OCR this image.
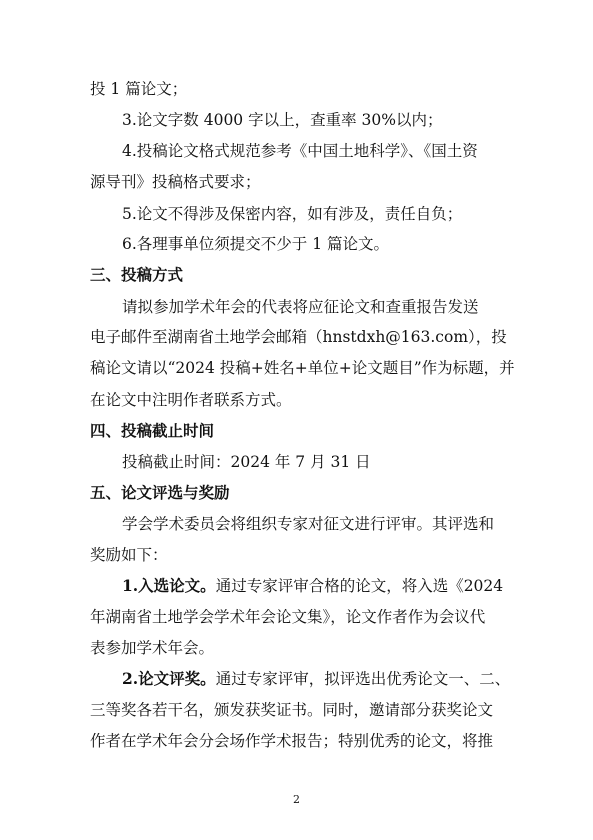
投 1 篇论文；
3.论文字数 4000 字以上，查重率 30%以内；
4.投稿论文格式规范参考《中国土地科学》、《国土资
源导刊》投稿格式要求；
5.论文不得涉及保密内容，如有涉及，责任自负；
6.各理事单位须提交不少于 1 篇论文。
三、投稿方式
请拟参加学术年会的代表将应征论文和查重报告发送
电子邮件至湖南省土地学会邮箱（hnstdxh@163.com），投
稿论文请以“2024 投稿+姓名+单位+论文题目”作为标题，并
在论文中注明作者联系方式。
四、投稿截止时间
投稿截止时间：2024 年 7 月 31 日
五、论文评选与奖励
学会学术委员会将组织专家对征文进行评审。其评选和
奖励如下：
1.入选论文。通过专家评审合格的论文，将入选《2024
年湖南省土地学会学术年会论文集》，论文作者作为会议代
表参加学术年会。
2.论文评奖。通过专家评审，拟评选出优秀论文一、二、
三等奖各若干名，颁发获奖证书。同时，邀请部分获奖论文
作者在学术年会分会场作学术报告；特别优秀的论文，将推
2
